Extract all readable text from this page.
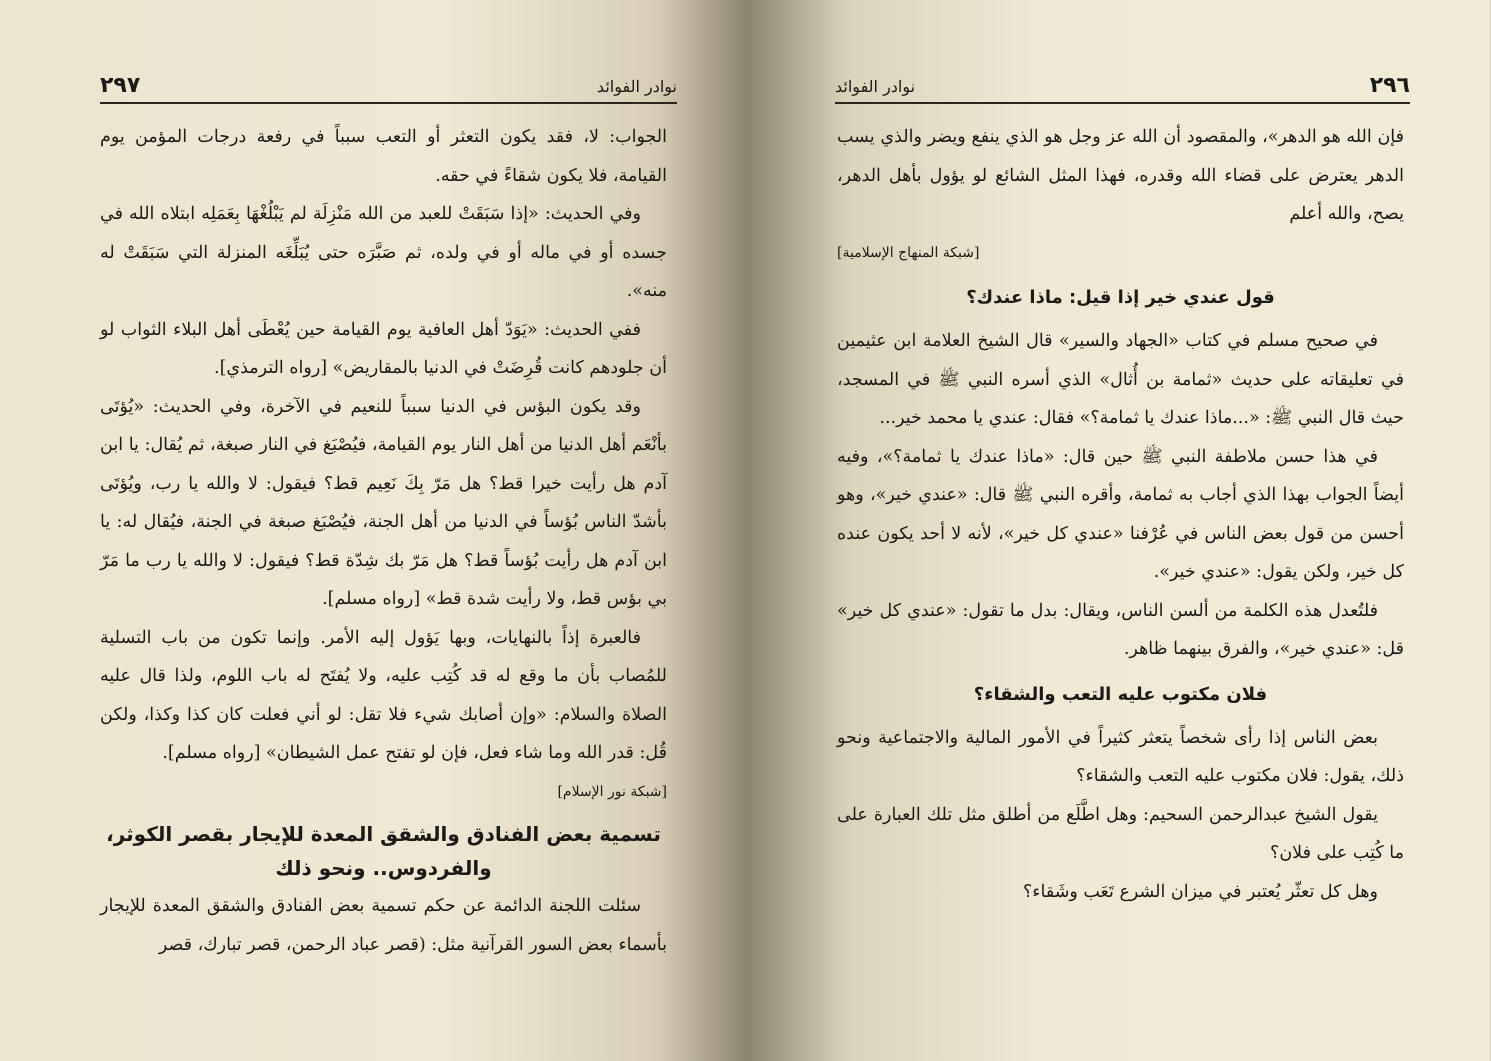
نوادر الفوائد
٢٩٧

الجواب: لا، فقد يكون التعثر أو التعب سبباً في رفعة درجات المؤمن يوم القيامة، فلا يكون شقاءً في حقه.

وفي الحديث: «إذا سَبَقَتْ للعبد من الله مَنْزِلَة لم يَبْلُغْهَا بِعَمَلِه ابتلاه الله في جسده أو في ماله أو في ولده، ثم صَبَّرَه حتى يُبَلِّغَه المنزلة التي سَبَقَتْ له منه».

ففي الحديث: «يَوَدّ أهل العافية يوم القيامة حين يُعْطَى أهل البلاء الثواب لو أن جلودهم كانت قُرِضَتْ في الدنيا بالمقاريض» [رواه الترمذي].

وقد يكون البؤس في الدنيا سبباً للنعيم في الآخرة، وفي الحديث: «يُؤتَى بأنْعَم أهل الدنيا من أهل النار يوم القيامة، فيُصْبَغ في النار صبغة، ثم يُقال: يا ابن آدم هل رأيت خيرا قط؟ هل مَرّ بِكَ نَعِيم قط؟ فيقول: لا والله يا رب، ويُؤتَى بأشدّ الناس بُؤساً في الدنيا من أهل الجنة، فيُصْبَغ صبغة في الجنة، فيُقال له: يا ابن آدم هل رأيت بُؤساً قط؟ هل مَرّ بك شِدّة قط؟ فيقول: لا والله يا رب ما مَرّ بي بؤس قط، ولا رأيت شدة قط» [رواه مسلم].

فالعبرة إذاً بالنهايات، وبها يَؤول إليه الأمر. وإنما تكون من باب التسلية للمُصاب بأن ما وقع له قد كُتِب عليه، ولا يُفتَح له باب اللوم، ولذا قال عليه الصلاة والسلام: «وإن أصابك شيء فلا تقل: لو أني فعلت كان كذا وكذا، ولكن قُل: قدر الله وما شاء فعل، فإن لو تفتح عمل الشيطان» [رواه مسلم].

[شبكة نور الإسلام]

تسمية بعض الفنادق والشقق المعدة للإيجار بقصر الكوثر، والفردوس.. ونحو ذلك

سئلت اللجنة الدائمة عن حكم تسمية بعض الفنادق والشقق المعدة للإيجار بأسماء بعض السور القرآنية مثل: (قصر عباد الرحمن، قصر تبارك، قصر

٢٩٦
نوادر الفوائد

فإن الله هو الدهر»، والمقصود أن الله عز وجل هو الذي ينفع ويضر والذي يسب الدهر يعترض على قضاء الله وقدره، فهذا المثل الشائع لو يؤول بأهل الدهر، يصح، والله أعلم

[شبكة المنهاج الإسلامية]

قول عندي خير إذا قيل: ماذا عندك؟

في صحيح مسلم في كتاب «الجهاد والسير» قال الشيخ العلامة ابن عثيمين في تعليقاته على حديث «ثمامة بن أُثال» الذي أسره النبي ﷺ في المسجد، حيث قال النبي ﷺ: «...ماذا عندك يا ثمامة؟» فقال: عندي يا محمد خير...

في هذا حسن ملاطفة النبي ﷺ حين قال: «ماذا عندك يا ثمامة؟»، وفيه أيضاً الجواب بهذا الذي أجاب به ثمامة، وأقره النبي ﷺ قال: «عندي خير»، وهو أحسن من قول بعض الناس في عُرْفنا «عندي كل خير»، لأنه لا أحد يكون عنده كل خير، ولكن يقول: «عندي خير».

فلتُعدل هذه الكلمة من ألسن الناس، ويقال: بدل ما تقول: «عندي كل خير» قل: «عندي خير»، والفرق بينهما ظاهر.

فلان مكتوب عليه التعب والشقاء؟

بعض الناس إذا رأى شخصاً يتعثر كثيراً في الأمور المالية والاجتماعية ونحو ذلك، يقول: فلان مكتوب عليه التعب والشقاء؟

يقول الشيخ عبدالرحمن السحيم: وهل اطَّلَع من أطلق مثل تلك العبارة على ما كُتِب على فلان؟

وهل كل تعثّر يُعتبر في ميزان الشرع تَعَب وشَقاء؟
